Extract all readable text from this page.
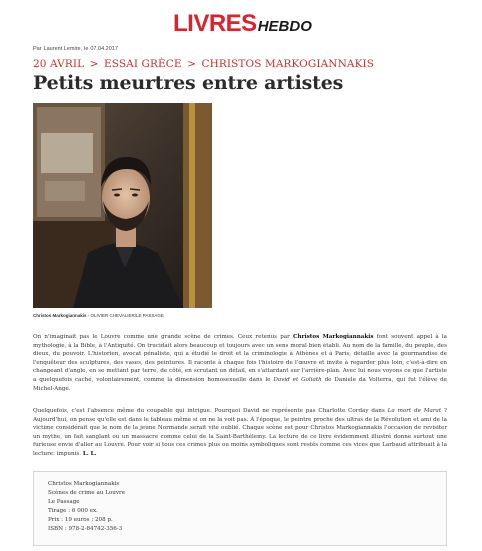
LIVRESHEBDO
Par Laurent Lemire, le 07.04.2017
20 AVRIL > ESSAI GRÈCE > CHRISTOS MARKOGIANNAKIS
Petits meurtres entre artistes
Christos Markogiannakis - OLIVIER CHEVALIER/LE PASSAGE

On n'imaginait pas le Louvre comme une grande scène de crimes. Ceux retenus par Christos Markogiannakis font souvent appel à la mythologie, à la Bible, à l'Antiquité. On trucidait alors beaucoup et toujours avec un sens moral bien établi. Au nom de la famille, du peuple, des dieux, du pouvoir. L'historien, avocat pénaliste, qui a étudié le droit et la criminologie à Athènes et à Paris, détaille avec la gourmandise de l'enquêteur des sculptures, des vases, des peintures. Il raconte à chaque fois l'histoire de l'œuvre et invite à regarder plus loin, c'est-à-dire en changeant d'angle, en se mettant par terre, de côté, en scrutant un détail, en s'attardant sur l'arrière-plan. Avec lui nous voyons ce que l'artiste a quelquefois caché, volontairement, comme la dimension homosexuelle dans le David et Goliath de Daniele da Volterra, qui fut l'élève de Michel-Ange.

Quelquefois, c'est l'absence même du coupable qui intrigue. Pourquoi David ne représente pas Charlotte Corday dans La mort de Marat ? Aujourd'hui, on pense qu'elle est dans le tableau même si on ne la voit pas. À l'époque, le peintre proche des ultras de la Révolution et ami de la victime considérait que le nom de la jeune Normande serait vite oublié. Chaque scène est pour Christos Markogiannakis l'occasion de revisiter un mythe, un fait sanglant ou un massacre comme celui de la Saint-Barthélemy. La lecture de ce livre évidemment illustré donne surtout une furieuse envie d'aller au Louvre. Pour voir si tous ces crimes plus ou moins symboliques sont restés comme ces vices que Larbaud attribuait à la lecture: impunis. L. L.

Christos Markogiannakis
Scènes de crime au Louvre
Le Passage
Tirage : 6 000 ex.
Prix : 19 euros ; 208 p.
ISBN : 978-2-84742-356-3
